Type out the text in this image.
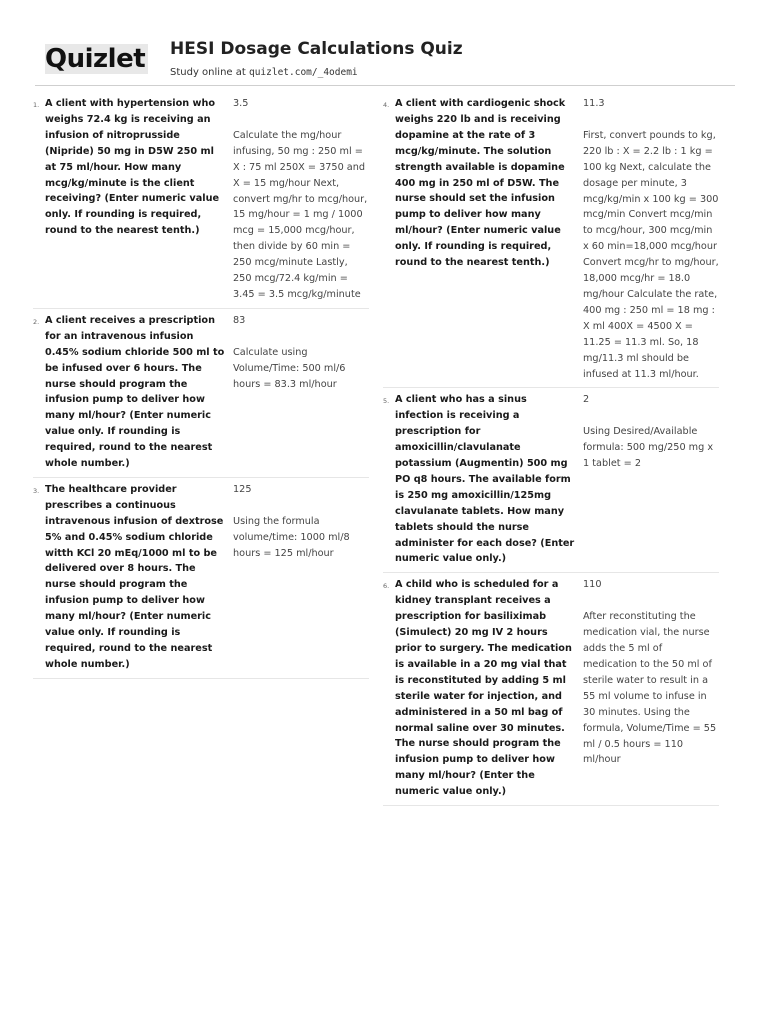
Quizlet HESI Dosage Calculations Quiz
Study online at quizlet.com/_4odemi
1. A client with hypertension who weighs 72.4 kg is receiving an infusion of nitroprusside (Nipride) 50 mg in D5W 250 ml at 75 ml/hour. How many mcg/kg/minute is the client receiving? (Enter numeric value only. If rounding is required, round to the nearest tenth.)
3.5
Calculate the mg/hour infusing, 50 mg : 250 ml = X : 75 ml 250X = 3750 and X = 15 mg/hour Next, convert mg/hr to mcg/hour, 15 mg/hour = 1 mg / 1000 mcg = 15,000 mcg/hour, then divide by 60 min = 250 mcg/minute Lastly, 250 mcg/72.4 kg/min = 3.45 = 3.5 mcg/kg/minute
2. A client receives a prescription for an intravenous infusion 0.45% sodium chloride 500 ml to be infused over 6 hours. The nurse should program the infusion pump to deliver how many ml/hour? (Enter numeric value only. If rounding is required, round to the nearest whole number.)
83
Calculate using Volume/Time: 500 ml/6 hours = 83.3 ml/hour
3. The healthcare provider prescribes a continuous intravenous infusion of dextrose 5% and 0.45% sodium chloride witth KCl 20 mEq/1000 ml to be delivered over 8 hours. The nurse should program the infusion pump to deliver how many ml/hour? (Enter numeric value only. If rounding is required, round to the nearest whole number.)
125
Using the formula volume/time: 1000 ml/8 hours = 125 ml/hour
4. A client with cardiogenic shock weighs 220 lb and is receiving dopamine at the rate of 3 mcg/kg/minute. The solution strength available is dopamine 400 mg in 250 ml of D5W. The nurse should set the infusion pump to deliver how many ml/hour? (Enter numeric value only. If rounding is required, round to the nearest tenth.)
11.3
First, convert pounds to kg, 220 lb : X = 2.2 lb : 1 kg = 100 kg Next, calculate the dosage per minute, 3 mcg/kg/min x 100 kg = 300 mcg/min Convert mcg/min to mcg/hour, 300 mcg/min x 60 min=18,000 mcg/hour Convert mcg/hr to mg/hour, 18,000 mcg/hr = 18.0 mg/hour Calculate the rate, 400 mg : 250 ml = 18 mg : X ml 400X = 4500 X = 11.25 = 11.3 ml. So, 18 mg/11.3 ml should be infused at 11.3 ml/hour.
5. A client who has a sinus infection is receiving a prescription for amoxicillin/clavulanate potassium (Augmentin) 500 mg PO q8 hours. The available form is 250 mg amoxicillin/125mg clavulanate tablets. How many tablets should the nurse administer for each dose? (Enter numeric value only.)
2
Using Desired/Available formula: 500 mg/250 mg x 1 tablet = 2
6. A child who is scheduled for a kidney transplant receives a prescription for basiliximab (Simulect) 20 mg IV 2 hours prior to surgery. The medication is available in a 20 mg vial that is reconstituted by adding 5 ml sterile water for injection, and administered in a 50 ml bag of normal saline over 30 minutes. The nurse should program the infusion pump to deliver how many ml/hour? (Enter the numeric value only.)
110
After reconstituting the medication vial, the nurse adds the 5 ml of medication to the 50 ml of sterile water to result in a 55 ml volume to infuse in 30 minutes. Using the formula, Volume/Time = 55 ml / 0.5 hours = 110 ml/hour
